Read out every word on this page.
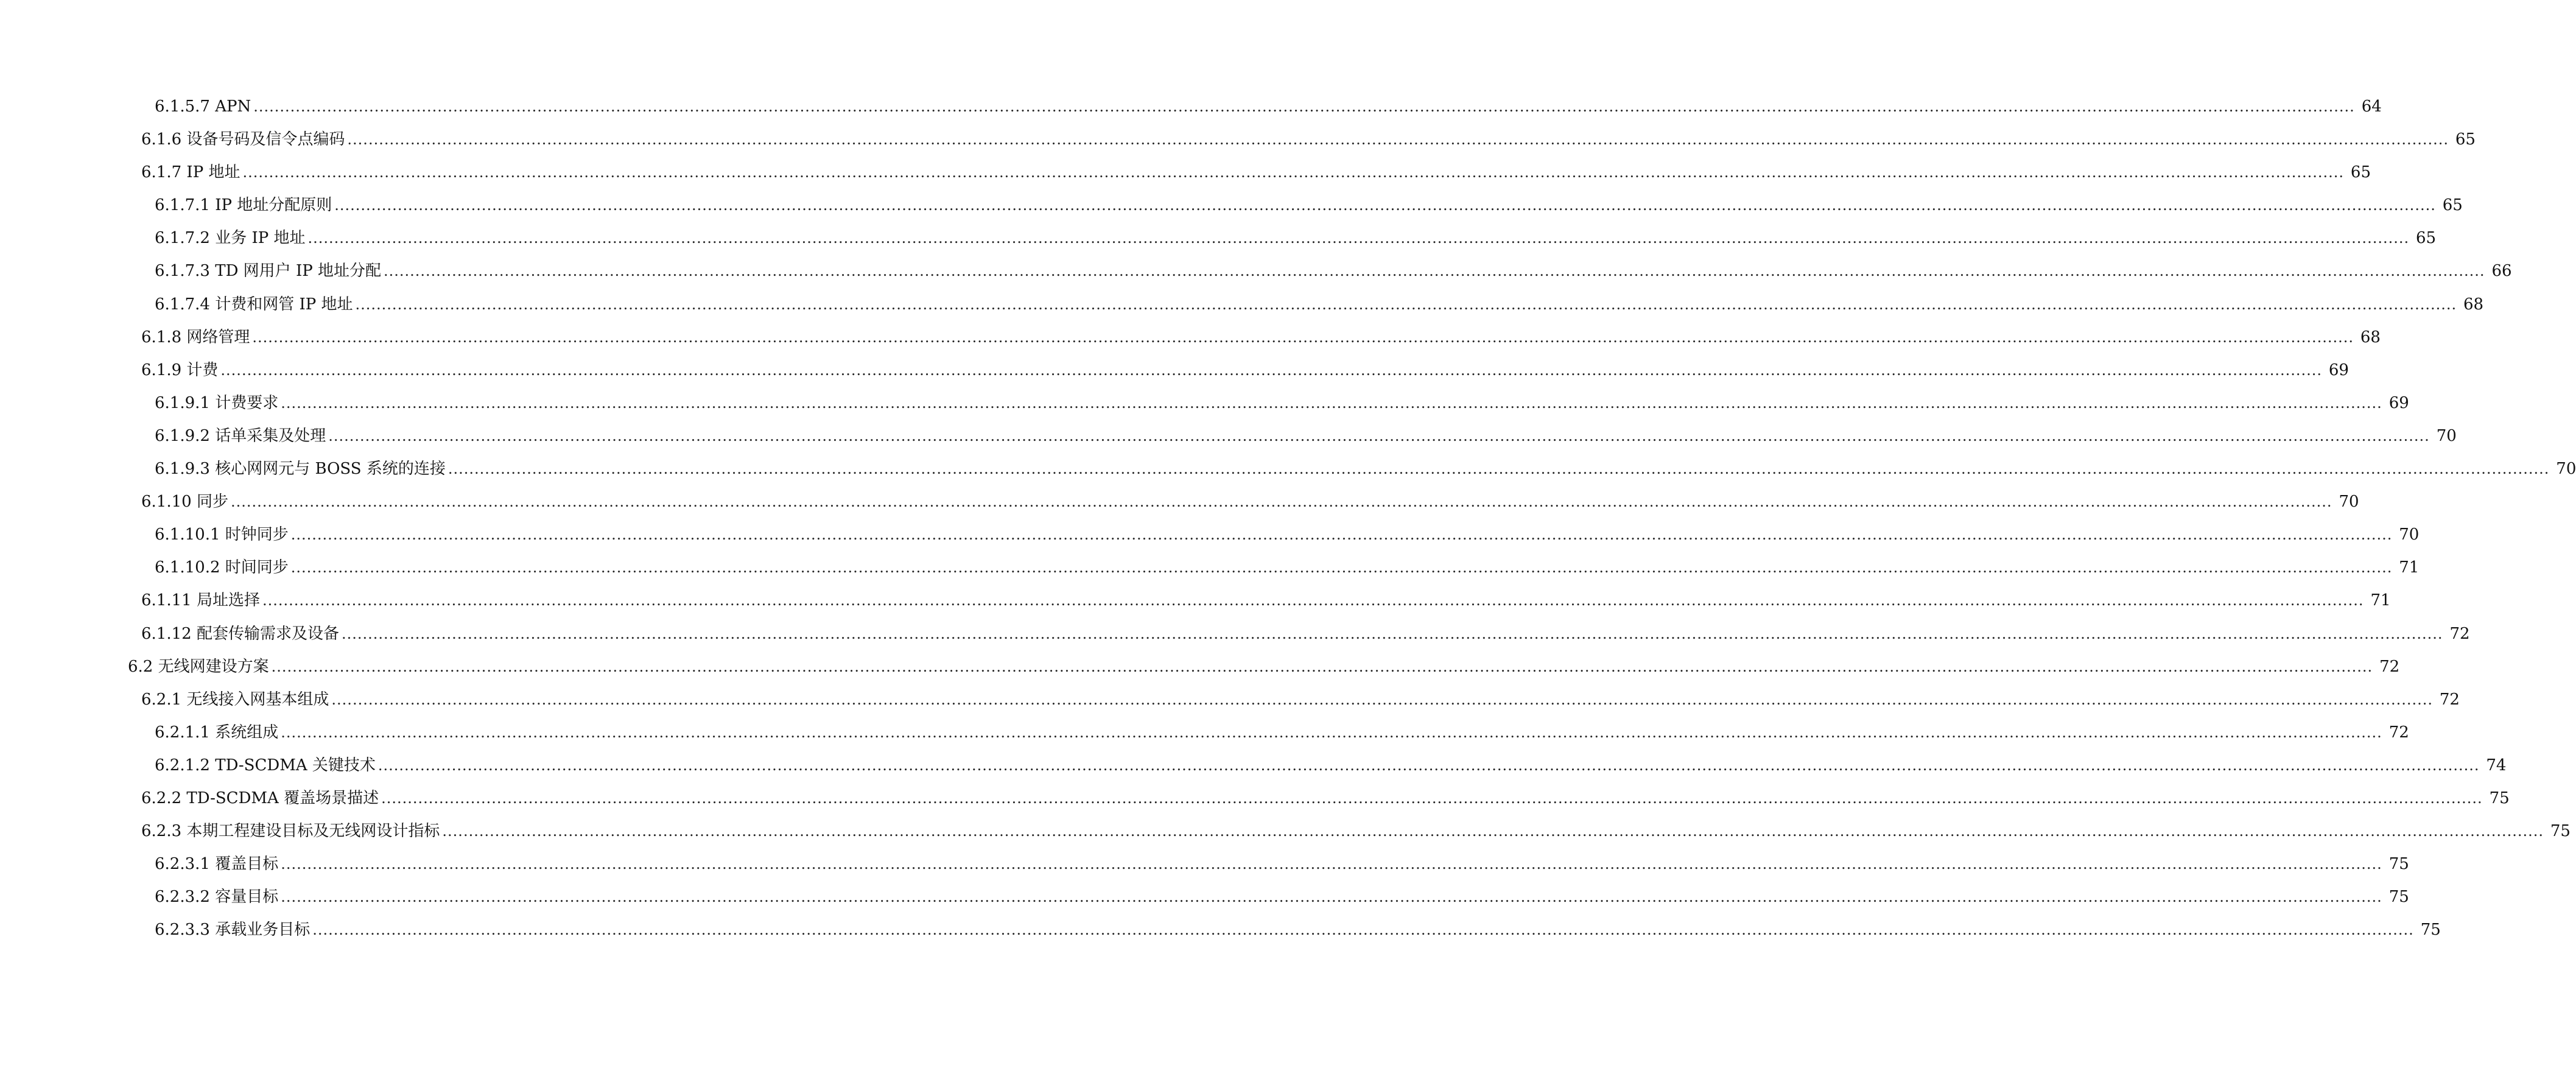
6.1.5.7 APN ................................................................................................................................................................................................................................................................................................................................................................................................................ 64
6.1.6 设备号码及信令点编码 ................................................................................................................................................................................................................................................................................................................................................................................................................ 65
6.1.7 IP 地址 ................................................................................................................................................................................................................................................................................................................................................................................................................ 65
6.1.7.1 IP 地址分配原则 ................................................................................................................................................................................................................................................................................................................................................................................................................ 65
6.1.7.2 业务 IP 地址 ................................................................................................................................................................................................................................................................................................................................................................................................................ 65
6.1.7.3 TD 网用户 IP 地址分配 ................................................................................................................................................................................................................................................................................................................................................................................................................ 66
6.1.7.4 计费和网管 IP 地址 ................................................................................................................................................................................................................................................................................................................................................................................................................ 68
6.1.8 网络管理 ................................................................................................................................................................................................................................................................................................................................................................................................................ 68
6.1.9 计费 ................................................................................................................................................................................................................................................................................................................................................................................................................ 69
6.1.9.1 计费要求 ................................................................................................................................................................................................................................................................................................................................................................................................................ 69
6.1.9.2 话单采集及处理 ................................................................................................................................................................................................................................................................................................................................................................................................................ 70
6.1.9.3 核心网网元与 BOSS 系统的连接 ................................................................................................................................................................................................................................................................................................................................................................................................................ 70
6.1.10 同步 ................................................................................................................................................................................................................................................................................................................................................................................................................ 70
6.1.10.1 时钟同步 ................................................................................................................................................................................................................................................................................................................................................................................................................ 70
6.1.10.2 时间同步 ................................................................................................................................................................................................................................................................................................................................................................................................................ 71
6.1.11 局址选择 ................................................................................................................................................................................................................................................................................................................................................................................................................ 71
6.1.12 配套传输需求及设备 ................................................................................................................................................................................................................................................................................................................................................................................................................ 72
6.2 无线网建设方案 ................................................................................................................................................................................................................................................................................................................................................................................................................ 72
6.2.1 无线接入网基本组成 ................................................................................................................................................................................................................................................................................................................................................................................................................ 72
6.2.1.1 系统组成 ................................................................................................................................................................................................................................................................................................................................................................................................................ 72
6.2.1.2 TD-SCDMA 关键技术 ................................................................................................................................................................................................................................................................................................................................................................................................................ 74
6.2.2 TD-SCDMA 覆盖场景描述 ................................................................................................................................................................................................................................................................................................................................................................................................................ 75
6.2.3 本期工程建设目标及无线网设计指标 ................................................................................................................................................................................................................................................................................................................................................................................................................ 75
6.2.3.1 覆盖目标 ................................................................................................................................................................................................................................................................................................................................................................................................................ 75
6.2.3.2 容量目标 ................................................................................................................................................................................................................................................................................................................................................................................................................ 75
6.2.3.3 承载业务目标 ................................................................................................................................................................................................................................................................................................................................................................................................................ 75
